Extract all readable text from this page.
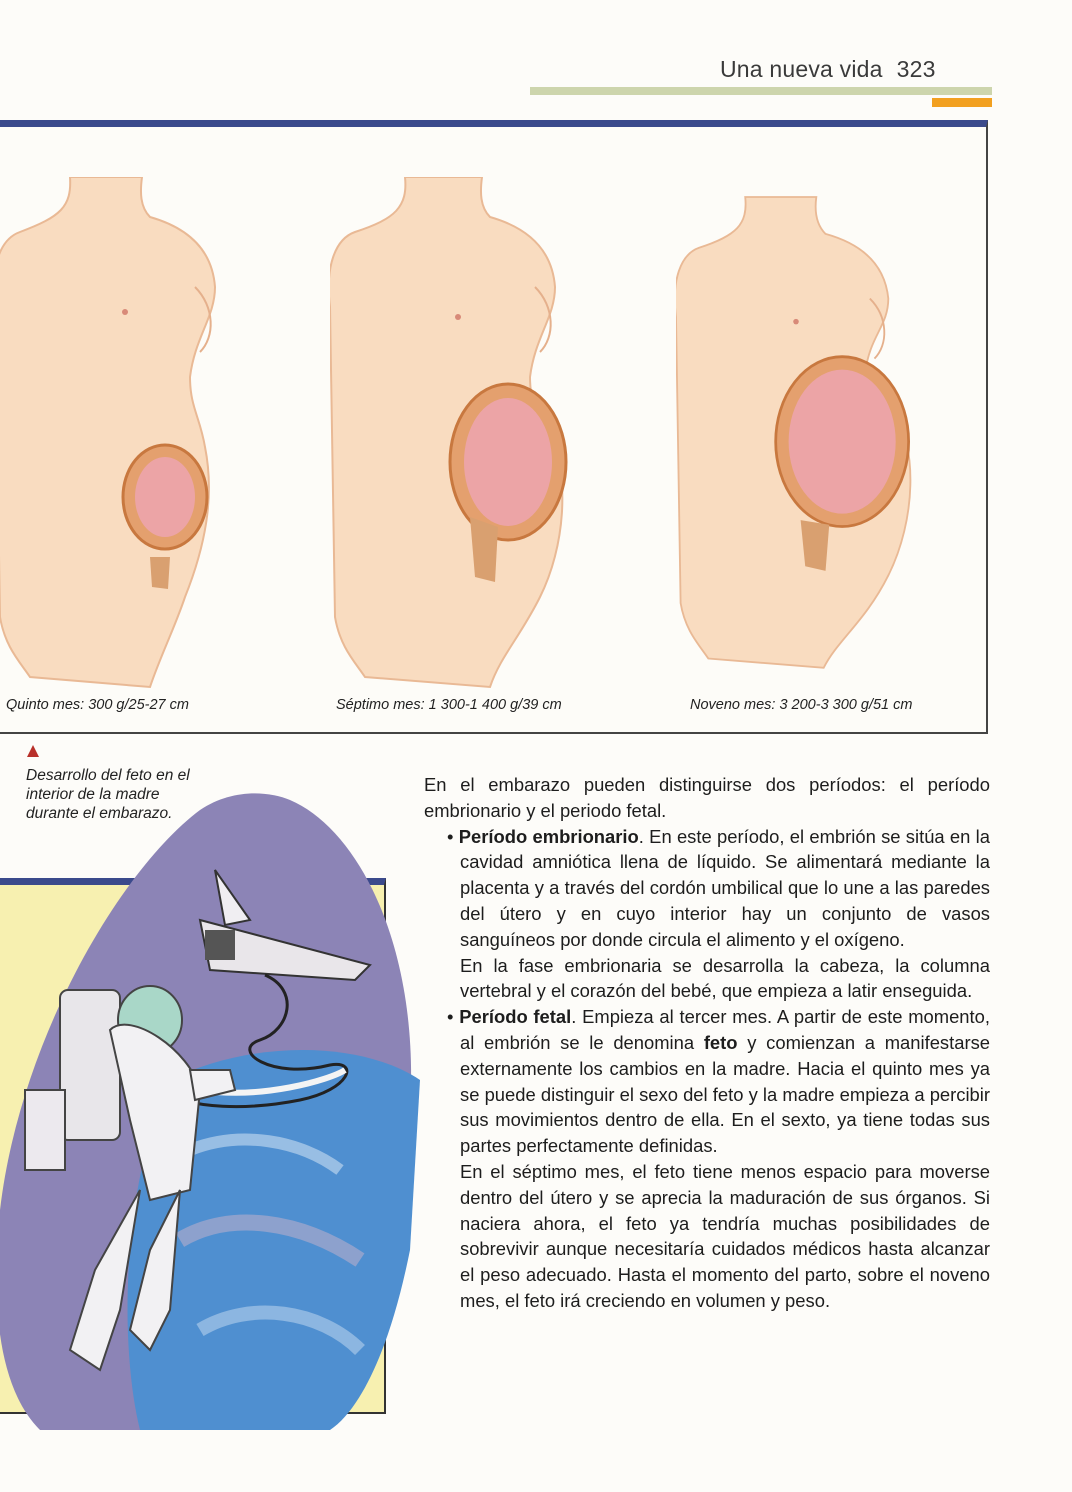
Una nueva vida 323
Quinto mes: 300 g/25-27 cm	Séptimo mes: 1 300-1 400 g/39 cm	Noveno mes: 3 200-3 300 g/51 cm
Desarrollo del feto en el interior de la madre durante el embarazo.

En el embarazo pueden distinguirse dos períodos: el período embrionario y el periodo fetal.

• Período embrionario. En este período, el embrión se sitúa en la cavidad amniótica llena de líquido. Se alimentará mediante la placenta y a través del cordón umbilical que lo une a las paredes del útero y en cuyo interior hay un conjunto de vasos sanguíneos por donde circula el alimento y el oxígeno.

En la fase embrionaria se desarrolla la cabeza, la columna vertebral y el corazón del bebé, que empieza a latir enseguida.

• Período fetal. Empieza al tercer mes. A partir de este momento, al embrión se le denomina feto y comienzan a manifestarse externamente los cambios en la madre. Hacia el quinto mes ya se puede distinguir el sexo del feto y la madre empieza a percibir sus movimientos dentro de ella. En el sexto, ya tiene todas sus partes perfectamente definidas.

En el séptimo mes, el feto tiene menos espacio para moverse dentro del útero y se aprecia la maduración de sus órganos. Si naciera ahora, el feto ya tendría muchas posibilidades de sobrevivir aunque necesitaría cuidados médicos hasta alcanzar el peso adecuado. Hasta el momento del parto, sobre el noveno mes, el feto irá creciendo en volumen y peso.
